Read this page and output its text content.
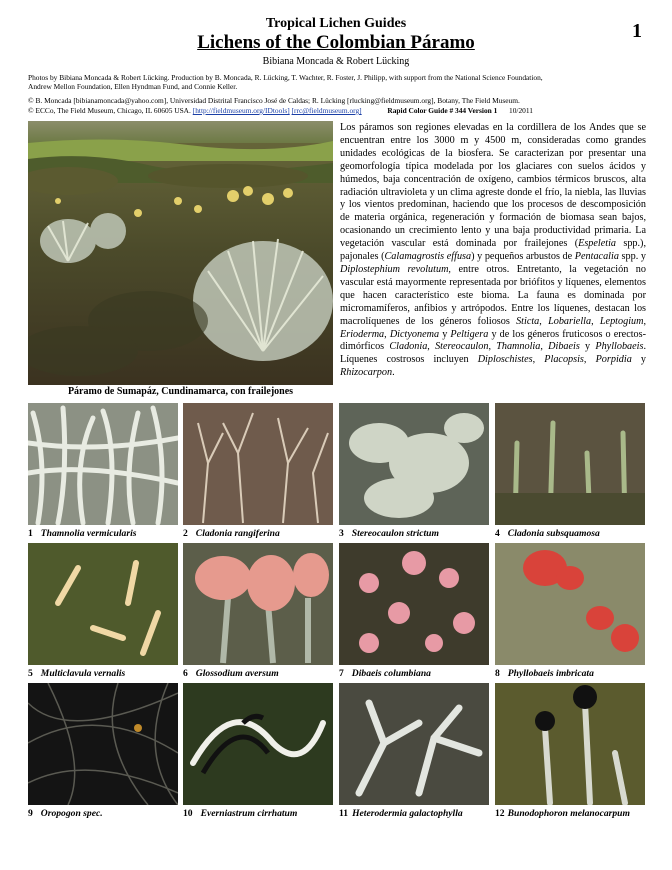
Tropical Lichen Guides
Lichens of the Colombian Páramo
Bibiana Moncada & Robert Lücking
1
Photos by Bibiana Moncada & Robert Lücking. Production by B. Moncada, R. Lücking, T. Wachter, R. Foster, J. Philipp, with support from the National Science Foundation,
Andrew Mellon Foundation, Ellen Hyndman Fund, and Connie Keller.
© B. Moncada [bibianamoncada@yahoo.com], Universidad Distrital Francisco José de Caldas; R. Lücking [rlucking@fieldmuseum.org], Botany, The Field Museum.
© ECCo, The Field Museum, Chicago, IL 60605 USA. [http://fieldmuseum.org/IDtools] [rrc@fieldmuseum.org]	Rapid Color Guide # 344 Version 1 10/2011
Páramo de Sumapáz, Cundinamarca, con frailejones
Los páramos son regiones elevadas en la cordillera de los Andes que se encuentran entre los 3000 m y 4500 m, consideradas como grandes unidades ecológicas de la biosfera. Se caracterizan por presentar una geomorfología típica modelada por los glaciares con suelos ácidos y húmedos, baja concentración de oxígeno, cambios térmicos bruscos, alta radiación ultravioleta y un clima agreste donde el frío, la niebla, las lluvias y los vientos predominan, haciendo que los procesos de descomposición de materia orgánica, regeneración y formación de biomasa sean bajos, ocasionando un crecimiento lento y una baja productividad primaria. La vegetación vascular está dominada por frailejones (Espeletia spp.), pajonales (Calamagrostis effusa) y pequeños arbustos de Pentacalia spp. y Diplostephium revolutum, entre otros. Entretanto, la vegetación no vascular está mayormente representada por briófitos y líquenes, elementos que hacen característico este bioma. La fauna es dominada por micromamíferos, anfibios y artrópodos. Entre los líquenes, destacan los macrolíquenes de los géneros foliosos Sticta, Lobariella, Leptogium, Erioderma, Dictyonema y Peltigera y de los géneros fruticosos o erectos-dimórficos Cladonia, Stereocaulon, Thamnolia, Dibaeis y Phyllobaeis. Líquenes costrosos incluyen Diploschistes, Placopsis, Porpidia y Rhizocarpon.
1 Thamnolia vermicularis	2 Cladonia rangiferina	3 Stereocaulon strictum	4 Cladonia subsquamosa
5 Multiclavula vernalis	6 Glossodium aversum	7 Dibaeis columbiana	8 Phyllobaeis imbricata
9 Oropogon spec.	10 Everniastrum cirrhatum	11 Heterodermia galactophylla	12 Bunodophoron melanocarpum
